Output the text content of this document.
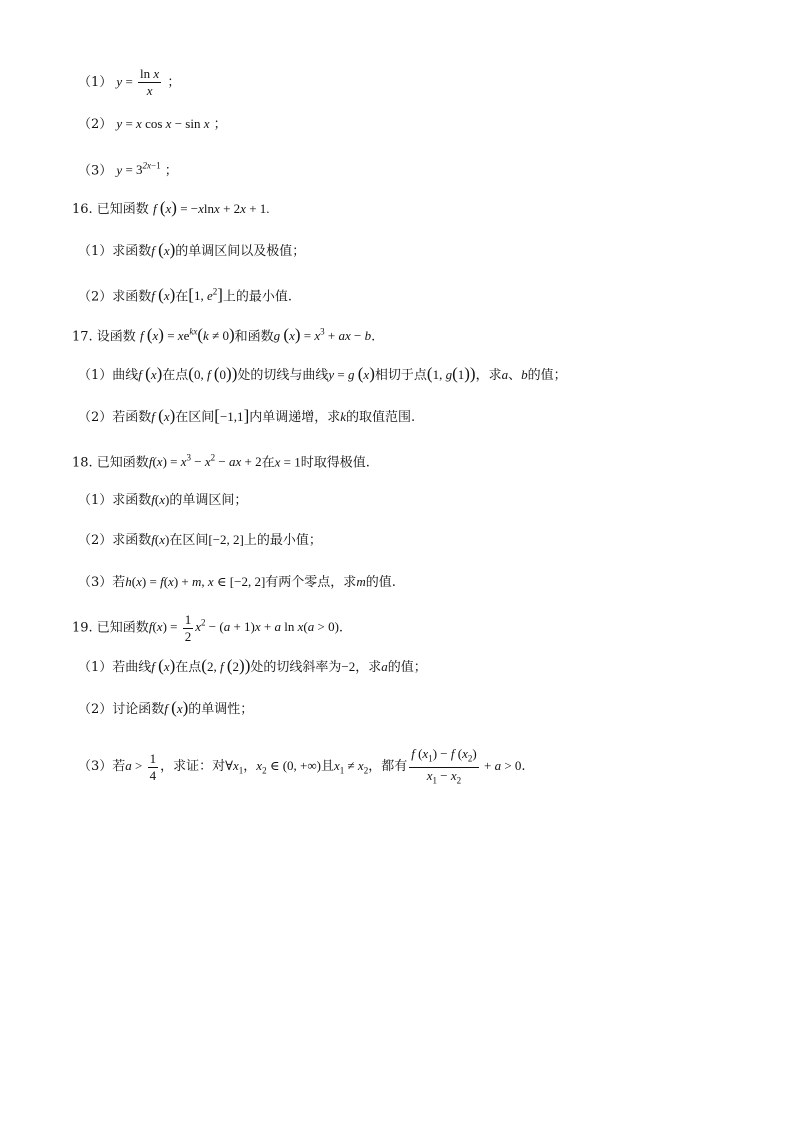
（1） $y = \frac{\text{ln x}}{x}$ ；
（2） y = x cos x − sin x ；
（3） $y = 3^{2x-1}$ ；
16. 已知函数 f (x) = −xlnx + 2x + 1.
（1）求函数f (x)的单调区间以及极值；
（2）求函数f (x)在[1, $e^2$]上的最小值.
17. 设函数 f $(x) = xe^{kx}(k \ne 0)$和函数g $(x) = x^3$ + ax − b.
（1）曲线f (x)在点(0, f (0))处的切线与曲线y = g (x)相切于点(1, g(1))，求a、b的值；
（2）若函数f (x)在区间[−1,1]内单调递增，求k的取值范围.
18. 已知函数$f(x) = x^3 - x^2$ − ax + 2在x = 1时取得极值.
（1）求函数f(x)的单调区间；
（2）求函数f(x)在区间[−2, 2]上的最小值；
（3）若h(x) = f(x) + m, x ∈ [−2, 2]有两个零点，求m的值.
19. 已知函数$f(x) = \frac{1}{2} x^2 - (a + 1)x + a$ ln x(a > 0).
（1）若曲线f (x)在点(2, f (2))处的切线斜率为−2，求a的值；
（2）讨论函数f (x)的单调性；
（3）若$a > \frac{1}{4}$ ，求证：对$\forall x_1$，$x_2$ ∈ (0, +∞)且$x_1 \ne x_2$，都有 $\frac{f (x_1) - f (x_2)}{x_1 - x_2} + a > 0$.
